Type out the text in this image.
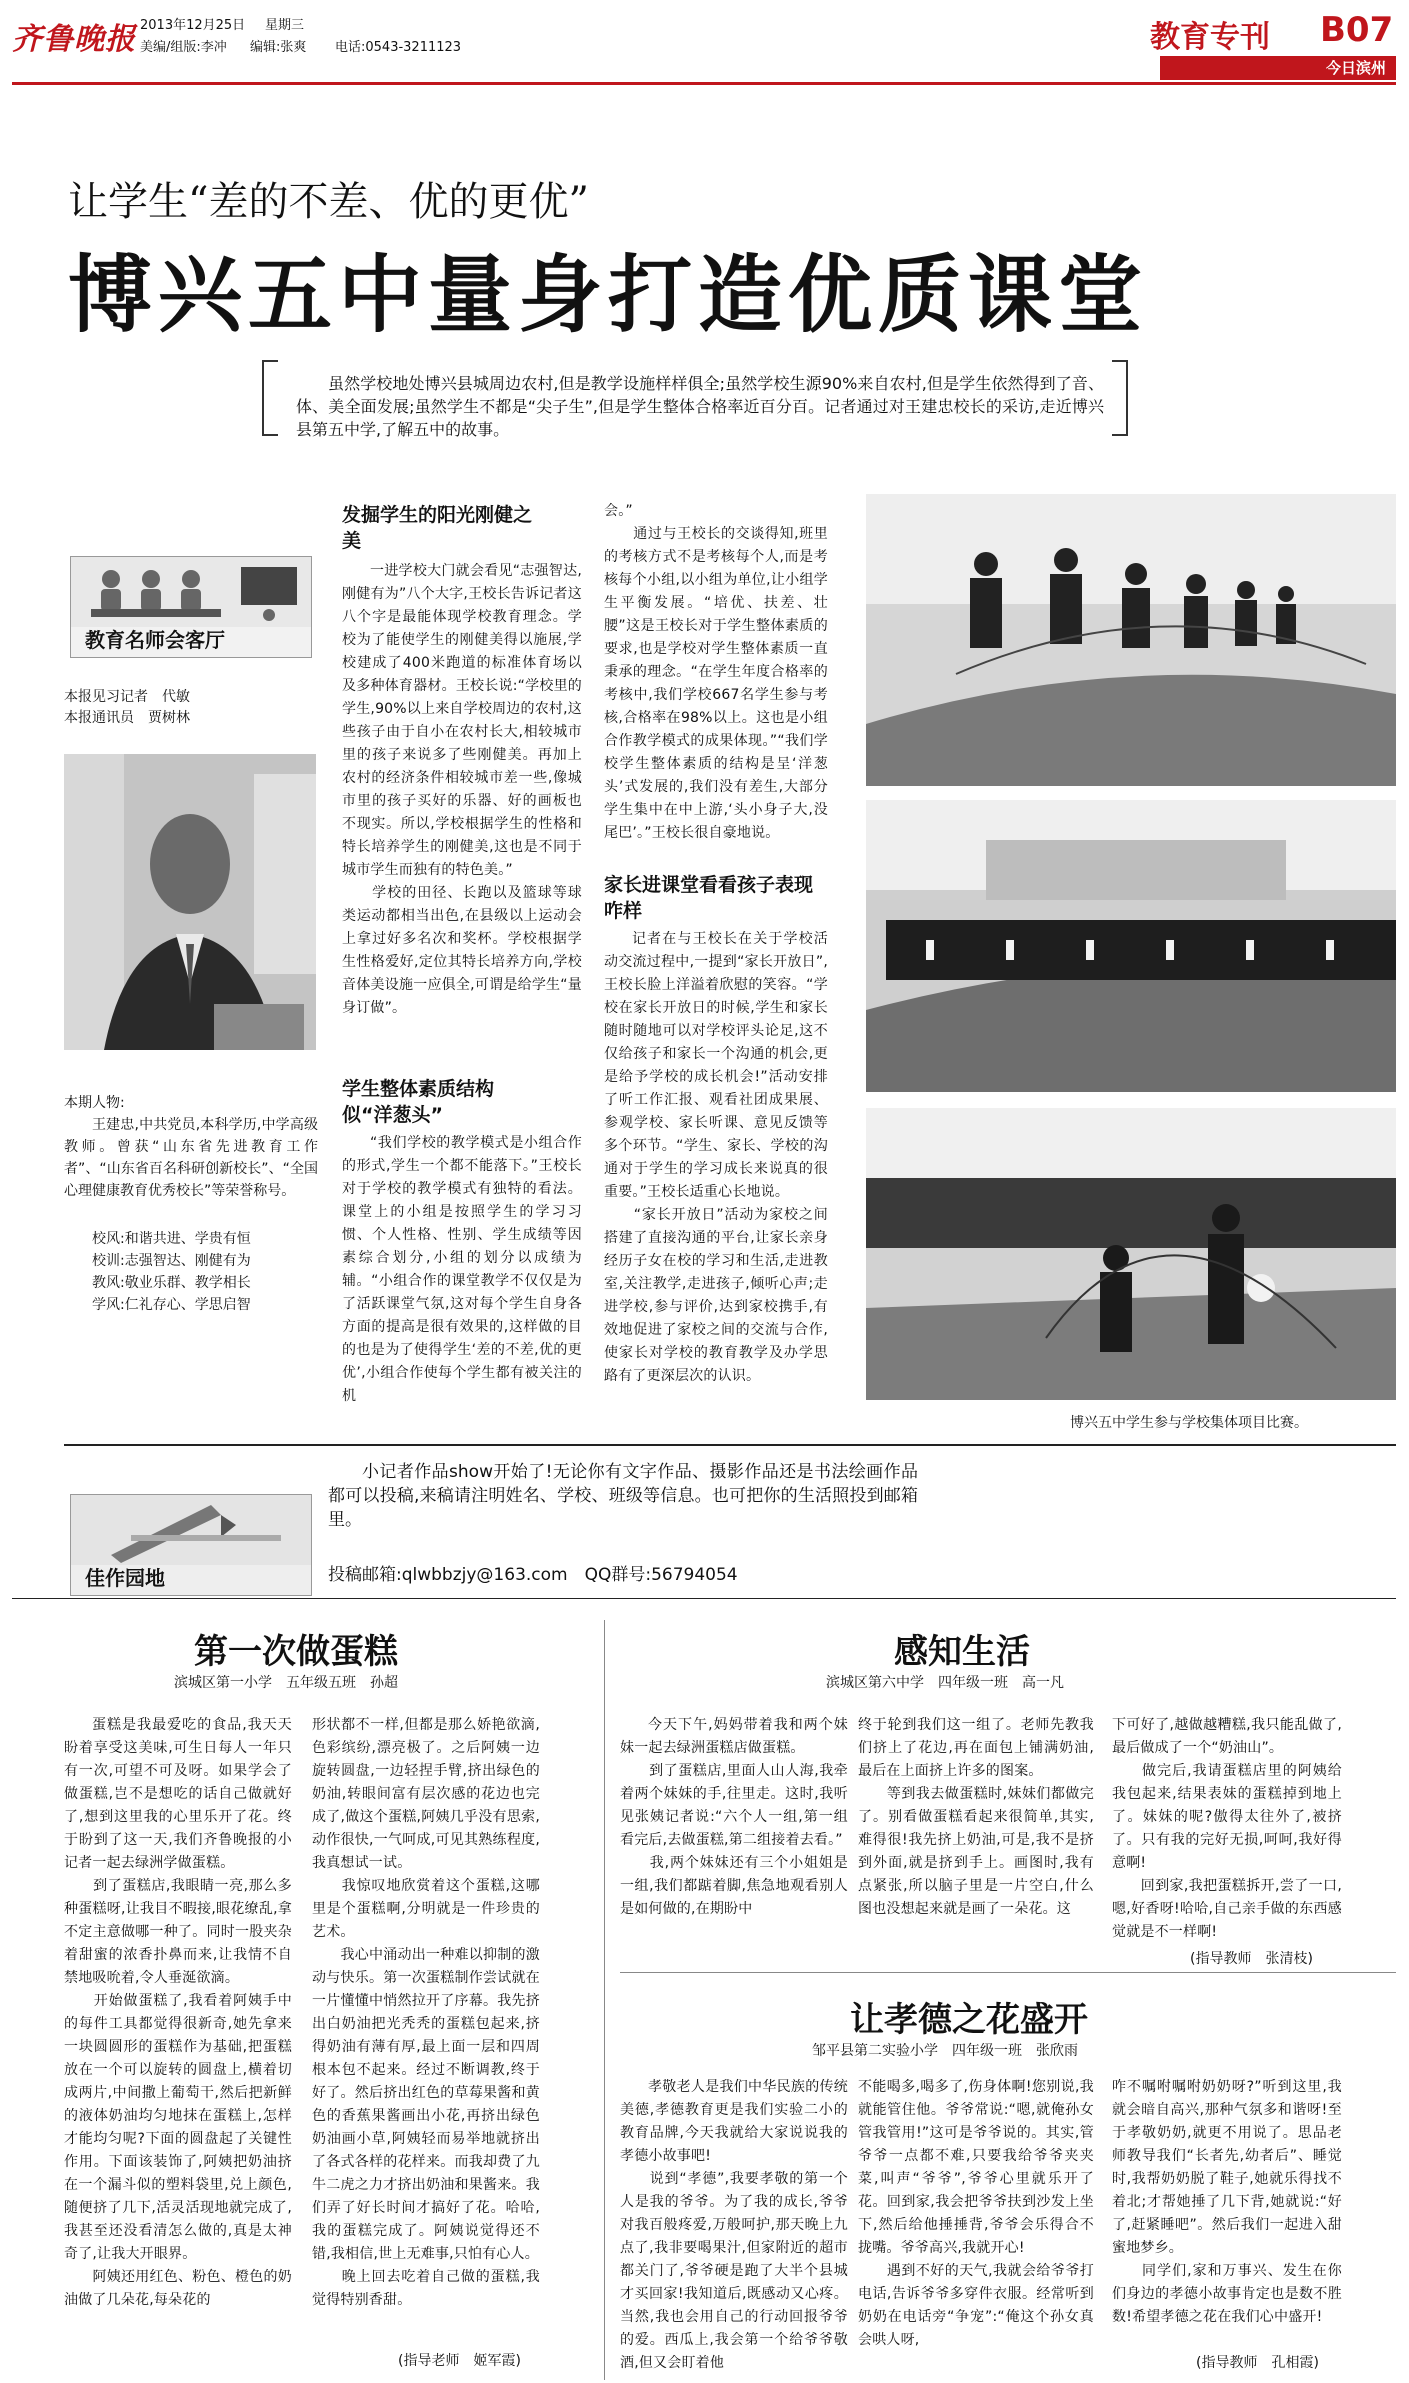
齐鲁晚报 2013年12月25日 星期三
美编/组版:李冲 编辑:张爽 电话:0543-3211123	教育专刊 B07
今日滨州
让学生“差的不差、优的更优”
博兴五中量身打造优质课堂
虽然学校地处博兴县城周边农村,但是教学设施样样俱全;虽然学校生源90%来自农村,但是学生依然得到了音、体、美全面发展;虽然学生不都是“尖子生”,但是学生整体合格率近百分百。记者通过对王建忠校长的采访,走近博兴县第五中学,了解五中的故事。
教育名师会客厅
本报见习记者　代敏
本报通讯员　贾树林
本期人物:
王建忠,中共党员,本科学历,中学高级教师。曾获“山东省先进教育工作者”、“山东省百名科研创新校长”、“全国心理健康教育优秀校长”等荣誉称号。
校风:和谐共进、学贵有恒
校训:志强智达、刚健有为
教风:敬业乐群、教学相长
学风:仁礼存心、学思启智
发掘学生的阳光刚健之美
一进学校大门就会看见“志强智达,刚健有为”八个大字,王校长告诉记者这八个字是最能体现学校教育理念。学校为了能使学生的刚健美得以施展,学校建成了400米跑道的标准体育场以及多种体育器材。王校长说:“学校里的学生,90%以上来自学校周边的农村,这些孩子由于自小在农村长大,相较城市里的孩子来说多了些刚健美。再加上农村的经济条件相较城市差一些,像城市里的孩子买好的乐器、好的画板也不现实。所以,学校根据学生的性格和特长培养学生的刚健美,这也是不同于城市学生而独有的特色美。”
　　学校的田径、长跑以及篮球等球类运动都相当出色,在县级以上运动会上拿过好多名次和奖杯。学校根据学生性格爱好,定位其特长培养方向,学校音体美设施一应俱全,可谓是给学生“量身订做”。
学生整体素质结构似“洋葱头”
“我们学校的教学模式是小组合作的形式,学生一个都不能落下。”王校长对于学校的教学模式有独特的看法。课堂上的小组是按照学生的学习习惯、个人性格、性别、学生成绩等因素综合划分,小组的划分以成绩为辅。“小组合作的课堂教学不仅仅是为了活跃课堂气氛,这对每个学生自身各方面的提高是很有效果的,这样做的目的也是为了使得学生‘差的不差,优的更优’,小组合作使每个学生都有被关注的机
会。”
　　通过与王校长的交谈得知,班里的考核方式不是考核每个人,而是考核每个小组,以小组为单位,让小组学生平衡发展。“培优、扶差、壮腰”这是王校长对于学生整体素质的要求,也是学校对学生整体素质一直秉承的理念。“在学生年度合格率的考核中,我们学校667名学生参与考核,合格率在98%以上。这也是小组合作教学模式的成果体现。”“我们学校学生整体素质的结构是呈‘洋葱头’式发展的,我们没有差生,大部分学生集中在中上游,‘头小身子大,没尾巴’。”王校长很自豪地说。
家长进课堂看看孩子表现咋样
记者在与王校长在关于学校活动交流过程中,一提到“家长开放日”,王校长脸上洋溢着欣慰的笑容。“学校在家长开放日的时候,学生和家长随时随地可以对学校评头论足,这不仅给孩子和家长一个沟通的机会,更是给予学校的成长机会!”活动安排了听工作汇报、观看社团成果展、参观学校、家长听课、意见反馈等多个环节。“学生、家长、学校的沟通对于学生的学习成长来说真的很重要。”王校长适重心长地说。
　　“家长开放日”活动为家校之间搭建了直接沟通的平台,让家长亲身经历子女在校的学习和生活,走进教室,关注教学,走进孩子,倾听心声;走进学校,参与评价,达到家校携手,有效地促进了家校之间的交流与合作,使家长对学校的教育教学及办学思路有了更深层次的认识。
博兴五中学生参与学校集体项目比赛。
佳作园地
小记者作品show开始了!无论你有文字作品、摄影作品还是书法绘画作品都可以投稿,来稿请注明姓名、学校、班级等信息。也可把你的生活照投到邮箱里。
投稿邮箱:qlwbbzjy@163.com　QQ群号:56794054
第一次做蛋糕
滨城区第一小学　五年级五班　孙超
蛋糕是我最爱吃的食品,我天天盼着享受这美味,可生日每人一年只有一次,可望不可及呀。如果学会了做蛋糕,岂不是想吃的话自己做就好了,想到这里我的心里乐开了花。终于盼到了这一天,我们齐鲁晚报的小记者一起去绿洲学做蛋糕。
　　到了蛋糕店,我眼睛一亮,那么多种蛋糕呀,让我目不暇接,眼花缭乱,拿不定主意做哪一种了。同时一股夹杂着甜蜜的浓香扑鼻而来,让我情不自禁地吸吮着,令人垂涎欲滴。
　　开始做蛋糕了,我看着阿姨手中的每件工具都觉得很新奇,她先拿来一块圆圆形的蛋糕作为基础,把蛋糕放在一个可以旋转的圆盘上,横着切成两片,中间撒上葡萄干,然后把新鲜的液体奶油均匀地抹在蛋糕上,怎样才能均匀呢?下面的圆盘起了关键性作用。下面该装饰了,阿姨把奶油挤在一个漏斗似的塑料袋里,兑上颜色,随便挤了几下,活灵活现地就完成了,我甚至还没看清怎么做的,真是太神奇了,让我大开眼界。
　　阿姨还用红色、粉色、橙色的奶油做了几朵花,每朵花的
形状都不一样,但都是那么娇艳欲滴,色彩缤纷,漂亮极了。之后阿姨一边旋转圆盘,一边轻捏手臂,挤出绿色的奶油,转眼间富有层次感的花边也完成了,做这个蛋糕,阿姨几乎没有思索,动作很快,一气呵成,可见其熟练程度,我真想试一试。
　　我惊叹地欣赏着这个蛋糕,这哪里是个蛋糕啊,分明就是一件珍贵的艺术。
　　我心中涌动出一种难以抑制的激动与快乐。第一次蛋糕制作尝试就在一片懂懂中悄然拉开了序幕。我先挤出白奶油把光秃秃的蛋糕包起来,挤得奶油有薄有厚,最上面一层和四周根本包不起来。经过不断调教,终于好了。然后挤出红色的草莓果酱和黄色的香蕉果酱画出小花,再挤出绿色奶油画小草,阿姨轻而易举地就挤出了各式各样的花样来。而我却费了九牛二虎之力才挤出奶油和果酱来。我们弄了好长时间才搞好了花。哈哈,我的蛋糕完成了。阿姨说觉得还不错,我相信,世上无难事,只怕有心人。
　　晚上回去吃着自己做的蛋糕,我觉得特别香甜。
(指导老师　姬军霞)
感知生活
滨城区第六中学　四年级一班　高一凡
今天下午,妈妈带着我和两个妹妹一起去绿洲蛋糕店做蛋糕。
　　到了蛋糕店,里面人山人海,我牵着两个妹妹的手,往里走。这时,我听见张姨记者说:“六个人一组,第一组看完后,去做蛋糕,第二组接着去看。”
　　我,两个妹妹还有三个小姐姐是一组,我们都踮着脚,焦急地观看别人是如何做的,在期盼中
终于轮到我们这一组了。老师先教我们挤上了花边,再在面包上铺满奶油,最后在上面挤上许多的图案。
　　等到我去做蛋糕时,妹妹们都做完了。别看做蛋糕看起来很简单,其实,难得很!我先挤上奶油,可是,我不是挤到外面,就是挤到手上。画图时,我有点紧张,所以脑子里是一片空白,什么图也没想起来就是画了一朵花。这
下可好了,越做越糟糕,我只能乱做了,最后做成了一个“奶油山”。
　　做完后,我请蛋糕店里的阿姨给我包起来,结果表妹的蛋糕掉到地上了。妹妹的呢?傲得太往外了,被挤了。只有我的完好无损,呵呵,我好得意啊!
　　回到家,我把蛋糕拆开,尝了一口,嗯,好香呀!哈哈,自己亲手做的东西感觉就是不一样啊!
(指导教师　张清枝)
让孝德之花盛开
邹平县第二实验小学　四年级一班　张欣雨
孝敬老人是我们中华民族的传统美德,孝德教育更是我们实验二小的教育品牌,今天我就给大家说说我的孝德小故事吧!
　　说到“孝德”,我要孝敬的第一个人是我的爷爷。为了我的成长,爷爷对我百般疼爱,万般呵护,那天晚上九点了,我非要喝果汁,但家附近的超市都关门了,爷爷硬是跑了大半个县城才买回家!我知道后,既感动又心疼。当然,我也会用自己的行动回报爷爷的爱。西瓜上,我会第一个给爷爷敬酒,但又会盯着他
不能喝多,喝多了,伤身体啊!您别说,我就能管住他。爷爷常说:“嗯,就俺孙女管我管用!”这可是爷爷说的。其实,管爷爷一点都不难,只要我给爷爷夹夹菜,叫声“爷爷”,爷爷心里就乐开了花。回到家,我会把爷爷扶到沙发上坐下,然后给他捶捶背,爷爷会乐得合不拢嘴。爷爷高兴,我就开心!
　　遇到不好的天气,我就会给爷爷打电话,告诉爷爷多穿件衣服。经常听到奶奶在电话旁“争宠”:“俺这个孙女真会哄人呀,
咋不嘱咐嘱咐奶奶呀?”听到这里,我就会暗自高兴,那种气氛多和谐呀!至于孝敬奶奶,就更不用说了。思品老师教导我们“长者先,幼者后”、睡觉时,我帮奶奶脱了鞋子,她就乐得找不着北;才帮她捶了几下背,她就说:“好了,赶紧睡吧”。然后我们一起进入甜蜜地梦乡。
　　同学们,家和万事兴、发生在你们身边的孝德小故事肯定也是数不胜数!希望孝德之花在我们心中盛开!
(指导教师　孔相霞)
